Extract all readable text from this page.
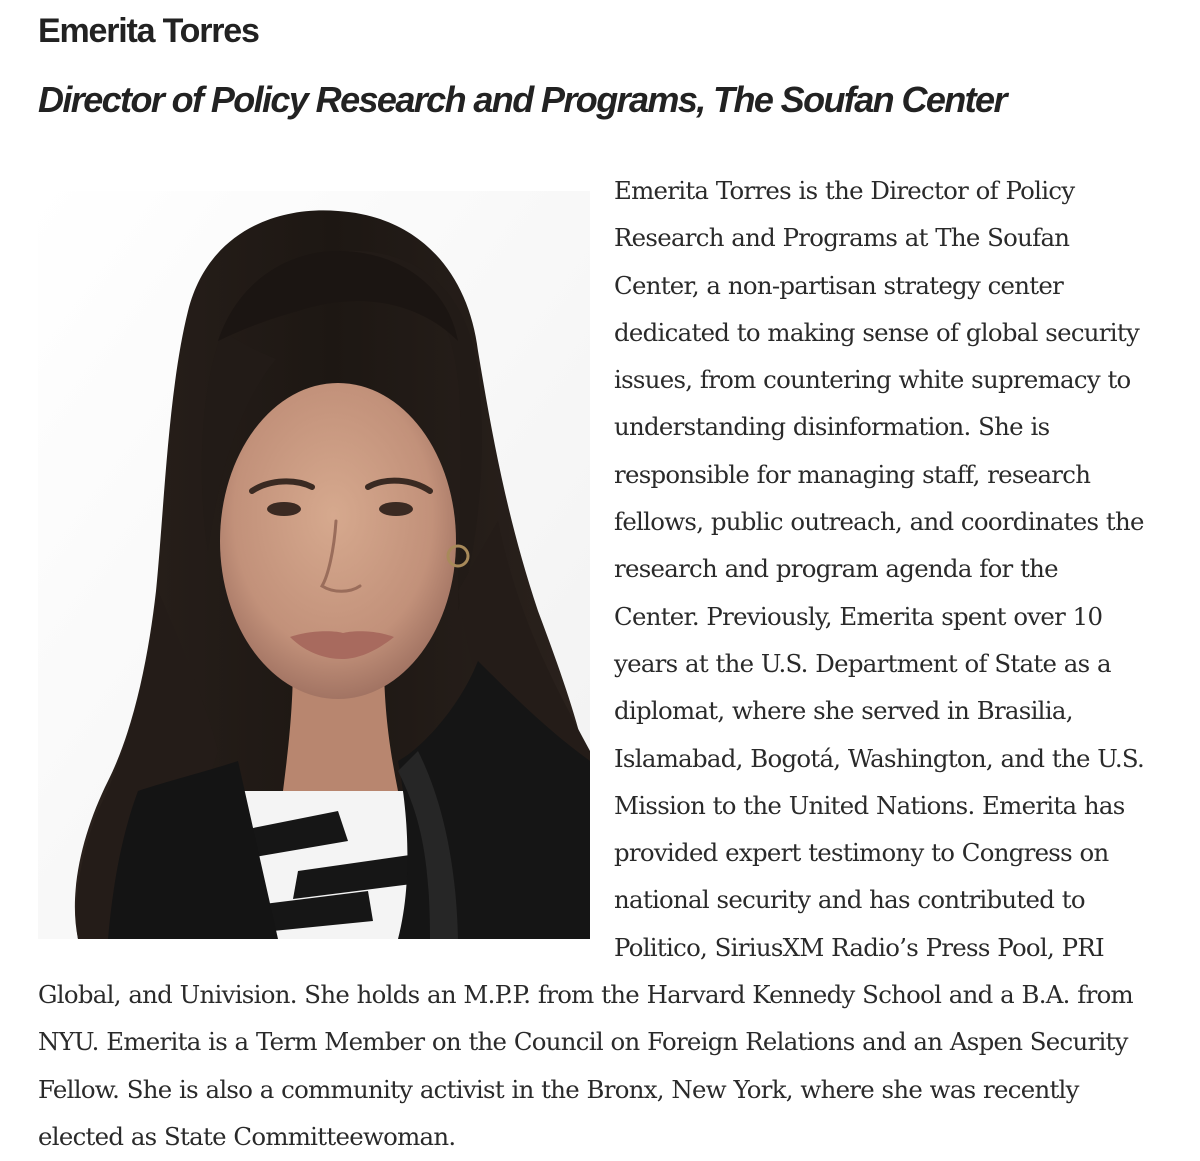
Emerita Torres
Director of Policy Research and Programs, The Soufan Center
Emerita Torres is the Director of Policy Research and Programs at The Soufan Center, a non-partisan strategy center dedicated to making sense of global security issues, from countering white supremacy to understanding disinformation. She is responsible for managing staff, research fellows, public outreach, and coordinates the research and program agenda for the Center. Previously, Emerita spent over 10 years at the U.S. Department of State as a diplomat, where she served in Brasilia, Islamabad, Bogotá, Washington, and the U.S. Mission to the United Nations. Emerita has provided expert testimony to Congress on national security and has contributed to Politico, SiriusXM Radio’s Press Pool, PRI Global, and Univision. She holds an M.P.P. from the Harvard Kennedy School and a B.A. from NYU. Emerita is a Term Member on the Council on Foreign Relations and an Aspen Security Fellow. She is also a community activist in the Bronx, New York, where she was recently elected as State Committeewoman.
